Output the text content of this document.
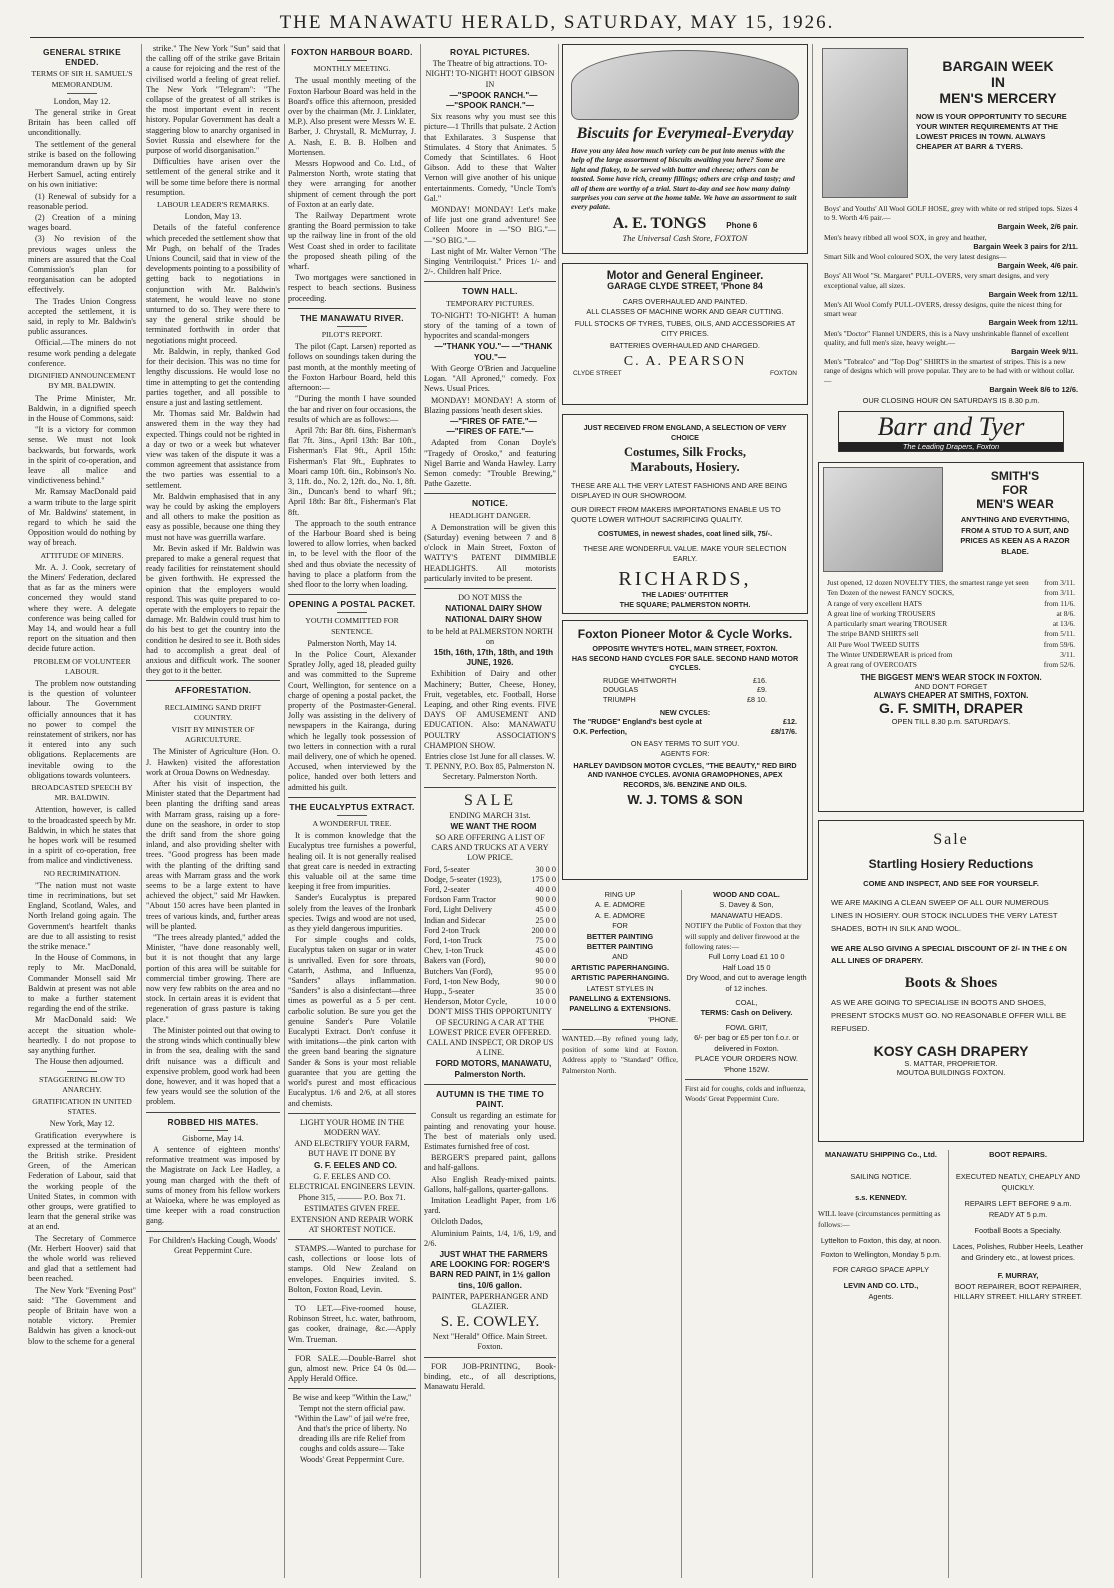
THE MANAWATU HERALD, SATURDAY, MAY 15, 1926.
GENERAL STRIKE ENDED.
TERMS OF SIR H. SAMUEL'S MEMORANDUM.

London, May 12.

The general strike in Great Britain has been called off unconditionally.

The settlement of the general strike is based on the following memorandum drawn up by Sir Herbert Samuel, acting entirely on his own initiative:

(1) Renewal of subsidy for a reasonable period.

(2) Creation of a mining wages board.

(3) No revision of the previous wages unless the miners are assured that the Coal Commission's plan for reorganisation can be adopted effectively.

The Trades Union Congress accepted the settlement, it is said, in reply to Mr. Baldwin's public assurances.

Official.—The miners do not resume work pending a delegate conference.

DIGNIFIED ANNOUNCEMENT BY MR. BALDWIN.

The Prime Minister, Mr. Baldwin, in a dignified speech in the House of Commons, said:

"It is a victory for common sense. We must not look backwards, but forwards, work in the spirit of co-operation, and leave all malice and vindictiveness behind."

Mr. Ramsay MacDonald paid a warm tribute to the large spirit of Mr. Baldwins' statement, in regard to which he said the Opposition would do nothing by way of breach.

ATTITUDE OF MINERS.

Mr. A. J. Cook, secretary of the Miners' Federation, declared that as far as the miners were concerned they would stand where they were. A delegate conference was being called for May 14, and would hear a full report on the situation and then decide future action.

PROBLEM OF VOLUNTEER LABOUR.

The problem now outstanding is the question of volunteer labour. The Government officially announces that it has no power to compel the reinstatement of strikers, nor has it entered into any such obligations. Replacements are inevitable owing to the obligations towards volunteers.

BROADCASTED SPEECH BY MR. BALDWIN.

Attention, however, is called to the broadcasted speech by Mr. Baldwin, in which he states that he hopes work will be resumed in a spirit of co-operation, free from malice and vindictiveness.

NO RECRIMINATION.

"The nation must not waste time in recriminations, but set England, Scotland, Wales, and North Ireland going again. The Government's heartfelt thanks are due to all assisting to resist the strike menace."

In the House of Commons, in reply to Mr. MacDonald, Commander Monsell said Mr Baldwin at present was not able to make a further statement regarding the end of the strike.

Mr MacDonald said: We accept the situation whole-heartedly. I do not propose to say anything further.

The House then adjourned.

STAGGERING BLOW TO ANARCHY.
GRATIFICATION IN UNITED STATES.

New York, May 12.

Gratification everywhere is expressed at the termination of the British strike. President Green, of the American Federation of Labour, said that the working people of the United States, in common with other groups, were gratified to learn that the general strike was at an end.

The Secretary of Commerce (Mr. Herbert Hoover) said that the whole world was relieved and glad that a settlement had been reached.

The New York "Evening Post" said: "The Government and people of Britain have won a notable victory. Premier Baldwin has given a knock-out blow to the scheme for a general

strike." The New York "Sun" said that the calling off of the strike gave Britain a cause for rejoicing and the rest of the civilised world a feeling of great relief. The New York "Telegram": "The collapse of the greatest of all strikes is the most important event in recent history. Popular Government has dealt a staggering blow to anarchy organised in Soviet Russia and elsewhere for the purpose of world disorganisation."

Difficulties have arisen over the settlement of the general strike and it will be some time before there is normal resumption.

LABOUR LEADER'S REMARKS.

London, May 13.

Details of the fateful conference which preceded the settlement show that Mr Pugh, on behalf of the Trades Unions Council, said that in view of the developments pointing to a possibility of getting back to negotiations in conjunction with Mr. Baldwin's statement, he would leave no stone unturned to do so. They were there to say the general strike should be terminated forthwith in order that negotiations might proceed.

Mr. Baldwin, in reply, thanked God for their decision. This was no time for lengthy discussions. He would lose no time in attempting to get the contending parties together, and all possible to ensure a just and lasting settlement.

Mr. Thomas said Mr. Baldwin had answered them in the way they had expected. Things could not be righted in a day or two or a week but whatever view was taken of the dispute it was a common agreement that assistance from the two parties was essential to a settlement.

Mr. Baldwin emphasised that in any way he could by asking the employers and all others to make the position as easy as possible, because one thing they must not have was guerrilla warfare.

Mr. Bevin asked if Mr. Baldwin was prepared to make a general request that ready facilities for reinstatement should be given forthwith. He expressed the opinion that the employers would respond. This was quite prepared to co-operate with the employers to repair the damage. Mr. Baldwin could trust him to do his best to get the country into the condition he desired to see it. Both sides had to accomplish a great deal of anxious and difficult work. The sooner they got to it the better.

AFFORESTATION.
RECLAIMING SAND DRIFT COUNTRY.
VISIT BY MINISTER OF AGRICULTURE.

The Minister of Agriculture (Hon. O. J. Hawken) visited the afforestation work at Oroua Downs on Wednesday.

After his visit of inspection, the Minister stated that the Department had been planting the drifting sand areas with Marram grass, raising up a fore-dune on the seashore, in order to stop the drift sand from the shore going inland, and also providing shelter with trees. "Good progress has been made with the planting of the drifting sand areas with Marram grass and the work seems to be a large extent to have achieved the object," said Mr Hawken. "About 150 acres have been planted in trees of various kinds, and, further areas will be planted.

"The trees already planted," added the Minister, "have done reasonably well, but it is not thought that any large portion of this area will be suitable for commercial timber growing. There are now very few rabbits on the area and no stock. In certain areas it is evident that regeneration of grass pasture is taking place."

The Minister pointed out that owing to the strong winds which continually blew in from the sea, dealing with the sand drift nuisance was a difficult and expensive problem, good work had been done, however, and it was hoped that a few years would see the solution of the problem.

ROBBED HIS MATES.

Gisborne, May 14.

A sentence of eighteen months' reformative treatment was imposed by the Magistrate on Jack Lee Hadley, a young man charged with the theft of sums of money from his fellow workers at Waioeka, where he was employed as time keeper with a road construction gang.

For Children's Hacking Cough, Woods' Great Peppermint Cure.

FOXTON HARBOUR BOARD.
MONTHLY MEETING.

The usual monthly meeting of the Foxton Harbour Board was held in the Board's office this afternoon, presided over by the chairman (Mr. J. Linklater, M.P.). Also present were Messrs W. E. Barber, J. Chrystall, R. McMurray, J. A. Nash, E. B. B. Holben and Mortensen.

Messrs Hopwood and Co. Ltd., of Palmerston North, wrote stating that they were arranging for another shipment of cement through the port of Foxton at an early date.

The Railway Department wrote granting the Board permission to take up the railway line in front of the old West Coast shed in order to facilitate the proposed sheath piling of the wharf.

Two mortgages were sanctioned in respect to beach sections. Business proceeding.

THE MANAWATU RIVER.
PILOT'S REPORT.

The pilot (Capt. Larsen) reported as follows on soundings taken during the past month, at the monthly meeting of the Foxton Harbour Board, held this afternoon:—

"During the month I have sounded the bar and river on four occasions, the results of which are as follows:—

April 7th: Bar 8ft. 6ins, Fisherman's flat 7ft. 3ins., April 13th: Bar 10ft., Fisherman's Flat 9ft., April 15th: Fisherman's Flat 9ft., Euphrates to Moari camp 10ft. 6in., Robinson's No. 3, 11ft. do., No. 2, 12ft. do., No. 1, 8ft. 3in., Duncan's bend to wharf 9ft.; April 18th: Bar 8ft., Fisherman's Flat 8ft.

The approach to the south entrance of the Harbour Board shed is being lowered to allow lorries, when backed in, to be level with the floor of the shed and thus obviate the necessity of having to place a platform from the shed floor to the lorry when loading.

OPENING A POSTAL PACKET.
YOUTH COMMITTED FOR SENTENCE.

Palmerston North, May 14.

In the Police Court, Alexander Spratley Jolly, aged 18, pleaded guilty and was committed to the Supreme Court, Wellington, for sentence on a charge of opening a postal packet, the property of the Postmaster-General. Jolly was assisting in the delivery of newspapers in the Kairanga, during which he legally took possession of two letters in connection with a rural mail delivery, one of which he opened. Accused, when interviewed by the police, handed over both letters and admitted his guilt.

THE EUCALYPTUS EXTRACT.
A WONDERFUL TREE.

It is common knowledge that the Eucalyptus tree furnishes a powerful, healing oil. It is not generally realised that great care is needed in extracting this valuable oil at the same time keeping it free from impurities.

Sander's Eucalyptus is prepared solely from the leaves of the Ironbark species. Twigs and wood are not used, as they yield dangerous impurities.

For simple coughs and colds, Eucalyptus taken on sugar or in water is unrivalled. Even for sore throats, Catarrh, Asthma, and Influenza, "Sanders" allays inflammation. "Sanders" is also a disinfectant—three times as powerful as a 5 per cent. carbolic solution. Be sure you get the genuine Sander's Pure Volatile Eucalypti Extract. Don't confuse it with imitations—the pink carton with the green band bearing the signature Sander & Sons is your most reliable guarantee that you are getting the world's purest and most efficacious Eucalyptus. 1/6 and 2/6, at all stores and chemists.

LIGHT YOUR HOME IN THE MODERN WAY.

AND ELECTRIFY YOUR FARM, BUT HAVE IT DONE BY

G. F. EELES AND CO.

G. F. EELES AND CO. ELECTRICAL ENGINEERS LEVIN.

Phone 315, ——— P.O. Box 71.

ESTIMATES GIVEN FREE. EXTENSION AND REPAIR WORK AT SHORTEST NOTICE.

STAMPS.—Wanted to purchase for cash, collections or loose lots of stamps. Old New Zealand on envelopes. Enquiries invited. S. Bolton, Foxton Road, Levin.

TO LET.—Five-roomed house, Robinson Street, h.c. water, bathroom, gas cooker, drainage, &c.—Apply Wm. Trueman.

FOR SALE.—Double-Barrel shot gun, almost new. Price £4 0s 0d.—Apply Herald Office.

Be wise and keep "Within the Law," Tempt not the stern official paw. "Within the Law" of jail we're free, And that's the price of liberty. No dreading ills are rife Relief from coughs and colds assure— Take Woods' Great Peppermint Cure.

ROYAL PICTURES.

The Theatre of big attractions. TO-NIGHT! TO-NIGHT! HOOT GIBSON IN

—"SPOOK RANCH."— —"SPOOK RANCH."—

Six reasons why you must see this picture—1 Thrills that pulsate. 2 Action that Exhilarates. 3 Suspense that Stimulates. 4 Story that Animates. 5 Comedy that Scintillates. 6 Hoot Gibson. Add to these that Walter Vernon will give another of his unique entertainments. Comedy, "Uncle Tom's Gal."

MONDAY! MONDAY! Let's make of life just one grand adventure! See Colleen Moore in —"SO BIG."— —"SO BIG."—

Last night of Mr. Walter Vernon "The Singing Ventriloquist." Prices 1/- and 2/-. Children half Price.

TOWN HALL.
TEMPORARY PICTURES.

TO-NIGHT! TO-NIGHT! A human story of the taming of a town of hypocrites and scandal-mongers

—"THANK YOU."— —"THANK YOU."—

With George O'Brien and Jacqueline Logan. "All Aproned," comedy. Fox News. Usual Prices.

MONDAY! MONDAY! A storm of Blazing passions 'neath desert skies.

—"FIRES OF FATE."— —"FIRES OF FATE."—

Adapted from Conan Doyle's "Tragedy of Orosko," and featuring Nigel Barrie and Wanda Hawley. Larry Semon comedy: "Trouble Brewing," Pathe Gazette.

NOTICE.
HEADLIGHT DANGER.

A Demonstration will be given this (Saturday) evening between 7 and 8 o'clock in Main Street, Foxton of WATTY'S PATENT DIMMIBLE HEADLIGHTS. All motorists particularly invited to be present.

DO NOT MISS the

NATIONAL DAIRY SHOW

NATIONAL DAIRY SHOW

to be held at PALMERSTON NORTH on

15th, 16th, 17th, 18th, and 19th JUNE, 1926.

Exhibition of Dairy and other Machinery; Butter, Cheese, Honey, Fruit, vegetables, etc. Football, Horse Leaping, and other Ring events. FIVE DAYS OF AMUSEMENT AND EDUCATION. Also: MANAWATU POULTRY ASSOCIATION'S CHAMPION SHOW.

Entries close 1st June for all classes. W. T. PENNY, P.O. Box 85, Palmerston N. Secretary. Palmerston North.

SALE

ENDING MARCH 31st.

WE WANT THE ROOM

SO ARE OFFERING A LIST OF CARS AND TRUCKS AT A VERY LOW PRICE.

Ford, 5-seater	30 0 0
Dodge, 5-seater (1923),	175 0 0
Ford, 2-seater	40 0 0
Fordson Farm Tractor	90 0 0
Ford, Light Delivery	45 0 0
Indian and Sidecar	25 0 0
Ford 2-ton Truck	200 0 0
Ford, 1-ton Truck	75 0 0
Chev, 1-ton Truck	45 0 0
Bakers van (Ford),	90 0 0
Butchers Van (Ford),	95 0 0
Ford, 1-ton New Body,	90 0 0
Hupp., 5-seater	35 0 0
Henderson, Motor Cycle,	10 0 0

DON'T MISS THIS OPPORTUNITY OF SECURING A CAR AT THE LOWEST PRICE EVER OFFERED. CALL AND INSPECT, OR DROP US A LINE.

FORD MOTORS, MANAWATU, Palmerston North.

AUTUMN IS THE TIME TO PAINT.

Consult us regarding an estimate for painting and renovating your house. The best of materials only used. Estimates furnished free of cost.

BERGER'S prepared paint, gallons and half-gallons.

Also English Ready-mixed paints. Gallons, half-gallons, quarter-gallons.

Imitation Leadlight Paper, from 1/6 yard.

Oilcloth Dados,

Aluminium Paints, 1/4, 1/6, 1/9, and 2/6.

JUST WHAT THE FARMERS ARE LOOKING FOR: ROGER'S BARN RED PAINT, in 1½ gallon tins, 10/6 gallon.

PAINTER, PAPERHANGER AND GLAZIER.

S. E. COWLEY.

Next "Herald" Office. Main Street. Foxton.

FOR JOB-PRINTING, Book-binding, etc., of all descriptions, Manawatu Herald.

Biscuits for Everymeal-Everyday
Have you any idea how much variety can be put into menus with the help of the large assortment of biscuits awaiting you here? Some are light and flakey, to be served with butter and cheese; others can be toasted. Some have rich, creamy fillings; others are crisp and tasty; and all of them are worthy of a trial. Start to-day and see how many dainty surprises you can serve at the home table. We have an assortment to suit every palate.
A. E. TONGS	Phone 6
The Universal Cash Store, FOXTON
Motor and General Engineer.
GARAGE CLYDE STREET, 'Phone 84
CARS OVERHAULED AND PAINTED.
ALL CLASSES OF MACHINE WORK AND GEAR CUTTING.
FULL STOCKS OF TYRES, TUBES, OILS, AND ACCESSORIES AT CITY PRICES.
BATTERIES OVERHAULED AND CHARGED.
C. A. PEARSON
CLYDE STREET	FOXTON
JUST RECEIVED FROM ENGLAND, A SELECTION OF VERY CHOICE
Costumes, Silk Frocks,
Marabouts, Hosiery.
THESE ARE ALL THE VERY LATEST FASHIONS AND ARE BEING DISPLAYED IN OUR SHOWROOM.
OUR DIRECT FROM MAKERS IMPORTATIONS ENABLE US TO QUOTE LOWER WITHOUT SACRIFICING QUALITY.
COSTUMES, in newest shades, coat lined silk, 75/-.
THESE ARE WONDERFUL VALUE. MAKE YOUR SELECTION EARLY.
RICHARDS,
THE LADIES' OUTFITTER
THE SQUARE; PALMERSTON NORTH.
Foxton Pioneer Motor & Cycle Works.
OPPOSITE WHYTE'S HOTEL, MAIN STREET, FOXTON.
HAS SECOND HAND CYCLES FOR SALE. SECOND HAND MOTOR CYCLES.
RUDGE WHITWORTH	£16.
DOUGLAS	£9.
TRIUMPH	£8 10.
NEW CYCLES:
The "RUDGE" England's best cycle at	£12.
O.K. Perfection,	£8/17/6.
ON EASY TERMS TO SUIT YOU.
AGENTS FOR:
HARLEY DAVIDSON MOTOR CYCLES, "THE BEAUTY," RED BIRD AND IVANHOE CYCLES. AVONIA GRAMOPHONES, APEX RECORDS, 3/6. BENZINE AND OILS.
W. J. TOMS & SON
RING UP
A. E. ADMORE
A. E. ADMORE
FOR
BETTER PAINTING
BETTER PAINTING
AND
ARTISTIC PAPERHANGING.
ARTISTIC PAPERHANGING.
LATEST STYLES IN
PANELLING & EXTENSIONS.
PANELLING & EXTENSIONS.
'PHONE.
WANTED.—By refined young lady, position of some kind at Foxton. Address apply to "Standard" Office, Palmerston North.
WOOD AND COAL.
S. Davey & Son,
MANAWATU HEADS.
NOTIFY the Public of Foxton that they will supply and deliver firewood at the following rates:—
Full Lorry Load £1 10 0
Half Load 15 0
Dry Wood, and cut to average length of 12 inches.
COAL,
TERMS: Cash on Delivery.
FOWL GRIT,
6/- per bag or £5 per ton f.o.r. or delivered in Foxton.
PLACE YOUR ORDERS NOW.
'Phone 152W.
First aid for coughs, colds and influenza, Woods' Great Peppermint Cure.
BARGAIN WEEK
IN
MEN'S MERCERY
NOW IS YOUR OPPORTUNITY TO SECURE YOUR WINTER REQUIREMENTS AT THE LOWEST PRICES IN TOWN. ALWAYS CHEAPER AT BARR & TYERS.
Boys' and Youths' All Wool GOLF HOSE, grey with white or red striped tops. Sizes 4 to 9. Worth 4/6 pair.—
Bargain Week, 2/6 pair.
Men's heavy ribbed all wool SOX, in grey and heather,
Bargain Week 3 pairs for 2/11.
Smart Silk and Wool coloured SOX, the very latest designs—
Bargain Week, 4/6 pair.
Boys' All Wool "St. Margaret" PULL-OVERS, very smart designs, and very exceptional value, all sizes.
Bargain Week from 12/11.
Men's All Wool Comfy PULL-OVERS, dressy designs, quite the nicest thing for smart wear
Bargain Week from 12/11.
Men's "Doctor" Flannel UNDERS, this is a Navy unshrinkable flannel of excellent quality, and full men's size, heavy weight.—
Bargain Week 9/11.
Men's "Tobralco" and "Top Dog" SHIRTS in the smartest of stripes. This is a new range of designs which will prove popular. They are to be had with or without collar.—
Bargain Week 8/6 to 12/6.
OUR CLOSING HOUR ON SATURDAYS IS 8.30 p.m.
Barr and Tyer
The Leading Drapers, Foxton
SMITH'S
FOR
MEN'S WEAR
ANYTHING AND EVERYTHING, FROM A STUD TO A SUIT, AND PRICES AS KEEN AS A RAZOR BLADE.
Just opened, 12 dozen NOVELTY TIES, the smartest range yet seen	from 3/11.
Ten Dozen of the newest FANCY SOCKS,	from 3/11.
A range of very excellent HATS	from 11/6.
A great line of working TROUSERS	at 8/6.
A particularly smart wearing TROUSER	at 13/6.
The stripe BAND SHIRTS sell	from 5/11.
All Pure Wool TWEED SUITS	from 59/6.
The Winter UNDERWEAR is priced from	3/11.
A great rang of OVERCOATS	from 52/6.
THE BIGGEST MEN'S WEAR STOCK IN FOXTON.
AND DON'T FORGET
ALWAYS CHEAPER AT SMITHS, FOXTON.
G. F. SMITH, DRAPER
OPEN TILL 8.30 p.m. SATURDAYS.
Sale
Startling Hosiery Reductions
COME AND INSPECT, AND SEE FOR YOURSELF.
WE ARE MAKING A CLEAN SWEEP OF ALL OUR NUMEROUS LINES IN HOSIERY. OUR STOCK INCLUDES THE VERY LATEST SHADES, BOTH IN SILK AND WOOL.
WE ARE ALSO GIVING A SPECIAL DISCOUNT OF 2/- IN THE £ ON ALL LINES OF DRAPERY.
Boots & Shoes
AS WE ARE GOING TO SPECIALISE IN BOOTS AND SHOES, PRESENT STOCKS MUST GO. NO REASONABLE OFFER WILL BE REFUSED.
KOSY CASH DRAPERY
S. MATTAR, PROPRIETOR.
MOUTOA BUILDINGS FOXTON.
MANAWATU SHIPPING Co., Ltd.
SAILING NOTICE.
s.s. KENNEDY.
WILL leave (circumstances permitting as follows:—
Lyttelton to Foxton, this day, at noon.
Foxton to Wellington, Monday 5 p.m.
FOR CARGO SPACE APPLY
LEVIN AND CO. LTD.,
Agents.
BOOT REPAIRS.
EXECUTED NEATLY, CHEAPLY AND QUICKLY.
REPAIRS LEFT BEFORE 9 a.m. READY AT 5 p.m.
Football Boots a Specialty.
Laces, Polishes, Rubber Heels, Leather and Grindery etc., at lowest prices.
F. MURRAY,
BOOT REPAIRER, BOOT REPAIRER,
HILLARY STREET. HILLARY STREET.
